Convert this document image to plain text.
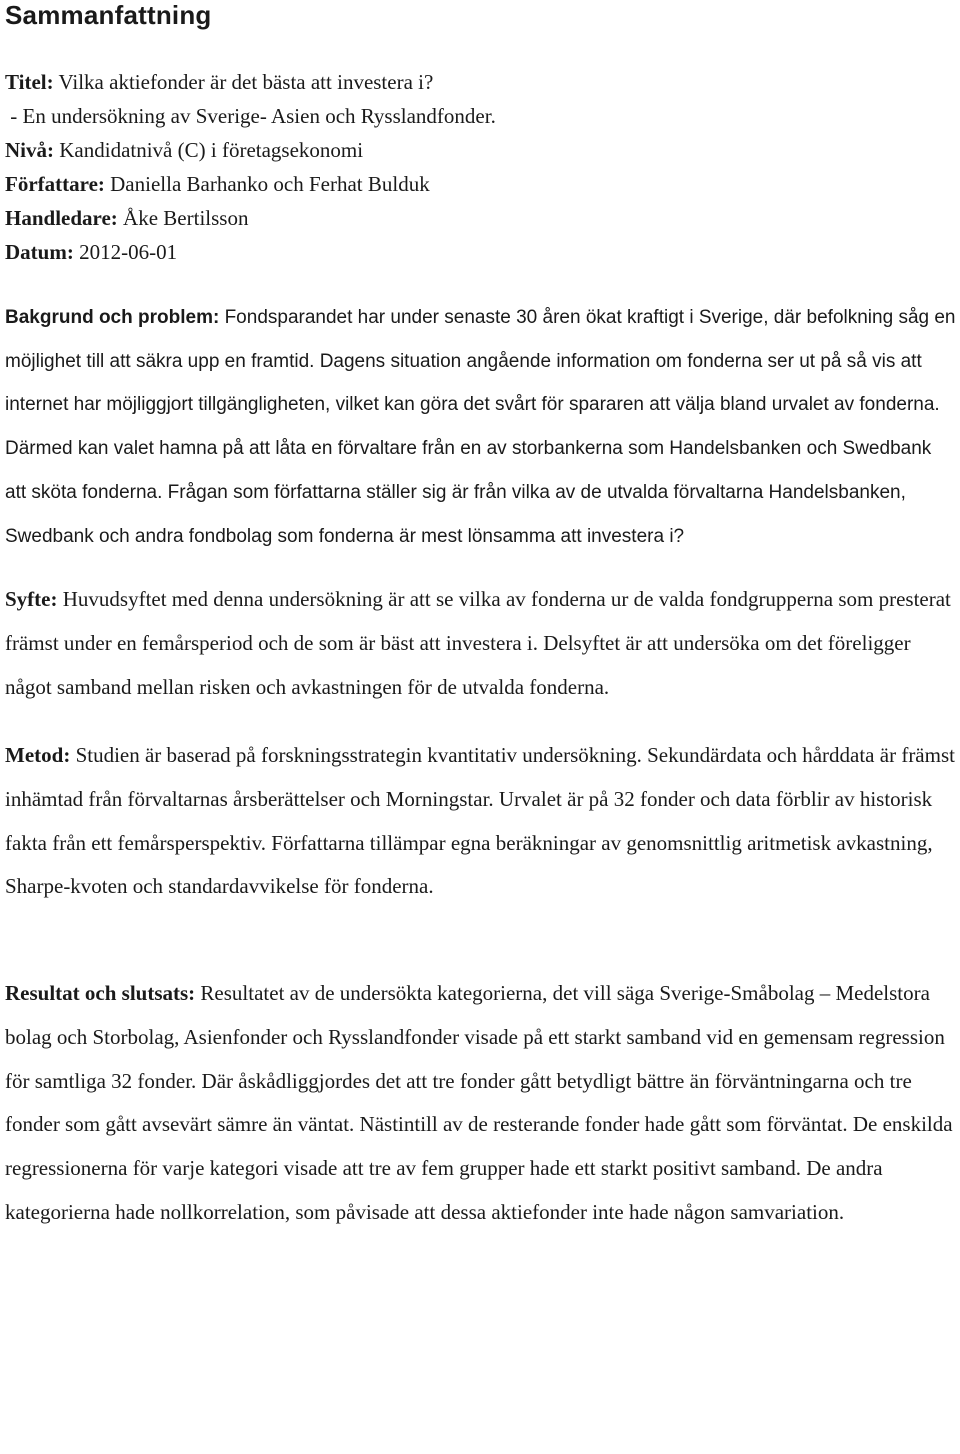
Sammanfattning
Titel: Vilka aktiefonder är det bästa att investera i?
- En undersökning av Sverige- Asien och Rysslandfonder.
Nivå: Kandidatnivå (C) i företagsekonomi
Författare: Daniella Barhanko och Ferhat Bulduk
Handledare: Åke Bertilsson
Datum: 2012-06-01

Bakgrund och problem: Fondsparandet har under senaste 30 åren ökat kraftigt i Sverige, där befolkning såg en möjlighet till att säkra upp en framtid. Dagens situation angående information om fonderna ser ut på så vis att internet har möjliggjort tillgängligheten, vilket kan göra det svårt för spararen att välja bland urvalet av fonderna. Därmed kan valet hamna på att låta en förvaltare från en av storbankerna som Handelsbanken och Swedbank att sköta fonderna. Frågan som författarna ställer sig är från vilka av de utvalda förvaltarna Handelsbanken, Swedbank och andra fondbolag som fonderna är mest lönsamma att investera i?

Syfte: Huvudsyftet med denna undersökning är att se vilka av fonderna ur de valda fondgrupperna som presterat främst under en femårsperiod och de som är bäst att investera i. Delsyftet är att undersöka om det föreligger något samband mellan risken och avkastningen för de utvalda fonderna.

Metod: Studien är baserad på forskningsstrategin kvantitativ undersökning. Sekundärdata och hårddata är främst inhämtad från förvaltarnas årsberättelser och Morningstar. Urvalet är på 32 fonder och data förblir av historisk fakta från ett femårsperspektiv. Författarna tillämpar egna beräkningar av genomsnittlig aritmetisk avkastning, Sharpe-kvoten och standardavvikelse för fonderna.

Resultat och slutsats: Resultatet av de undersökta kategorierna, det vill säga Sverige-Småbolag – Medelstora bolag och Storbolag, Asienfonder och Rysslandfonder visade på ett starkt samband vid en gemensam regression för samtliga 32 fonder. Där åskådliggjordes det att tre fonder gått betydligt bättre än förväntningarna och tre fonder som gått avsevärt sämre än väntat. Nästintill av de resterande fonder hade gått som förväntat. De enskilda regressionerna för varje kategori visade att tre av fem grupper hade ett starkt positivt samband. De andra kategorierna hade nollkorrelation, som påvisade att dessa aktiefonder inte hade någon samvariation.
